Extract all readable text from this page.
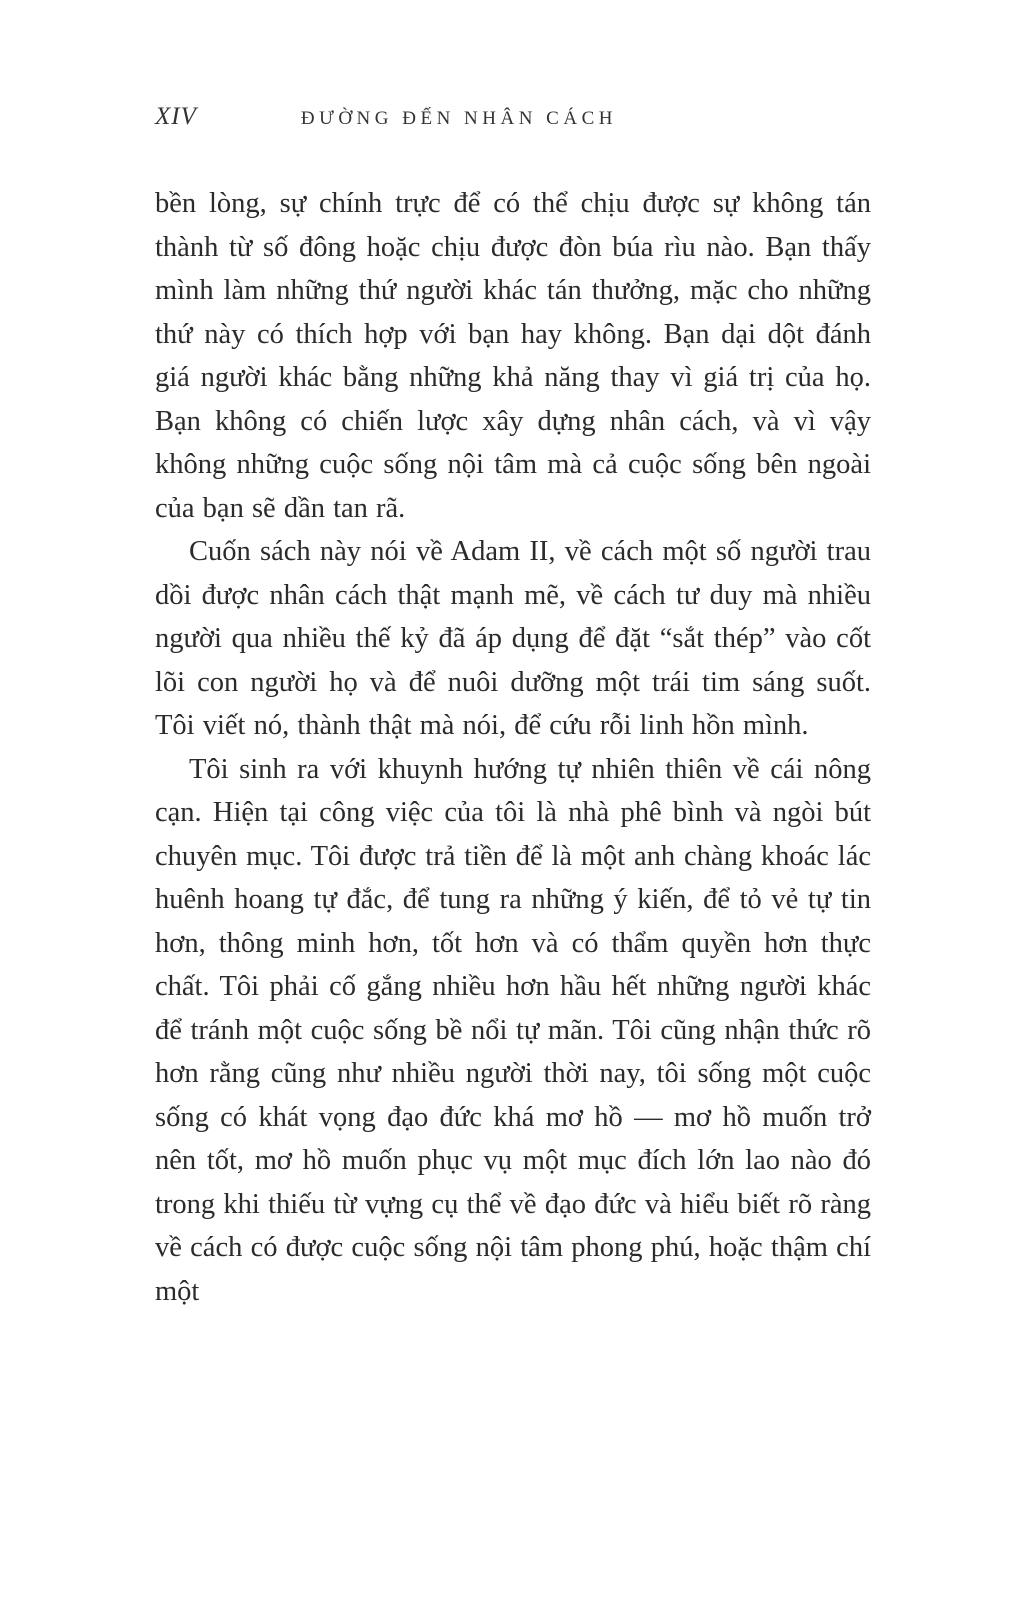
XIV	ĐƯỜNG ĐẾN NHÂN CÁCH

bền lòng, sự chính trực để có thể chịu được sự không tán thành từ số đông hoặc chịu được đòn búa rìu nào. Bạn thấy mình làm những thứ người khác tán thưởng, mặc cho những thứ này có thích hợp với bạn hay không. Bạn dại dột đánh giá người khác bằng những khả năng thay vì giá trị của họ. Bạn không có chiến lược xây dựng nhân cách, và vì vậy không những cuộc sống nội tâm mà cả cuộc sống bên ngoài của bạn sẽ dần tan rã.

Cuốn sách này nói về Adam II, về cách một số người trau dồi được nhân cách thật mạnh mẽ, về cách tư duy mà nhiều người qua nhiều thế kỷ đã áp dụng để đặt “sắt thép” vào cốt lõi con người họ và để nuôi dưỡng một trái tim sáng suốt. Tôi viết nó, thành thật mà nói, để cứu rỗi linh hồn mình.

Tôi sinh ra với khuynh hướng tự nhiên thiên về cái nông cạn. Hiện tại công việc của tôi là nhà phê bình và ngòi bút chuyên mục. Tôi được trả tiền để là một anh chàng khoác lác huênh hoang tự đắc, để tung ra những ý kiến, để tỏ vẻ tự tin hơn, thông minh hơn, tốt hơn và có thẩm quyền hơn thực chất. Tôi phải cố gắng nhiều hơn hầu hết những người khác để tránh một cuộc sống bề nổi tự mãn. Tôi cũng nhận thức rõ hơn rằng cũng như nhiều người thời nay, tôi sống một cuộc sống có khát vọng đạo đức khá mơ hồ — mơ hồ muốn trở nên tốt, mơ hồ muốn phục vụ một mục đích lớn lao nào đó trong khi thiếu từ vựng cụ thể về đạo đức và hiểu biết rõ ràng về cách có được cuộc sống nội tâm phong phú, hoặc thậm chí một
